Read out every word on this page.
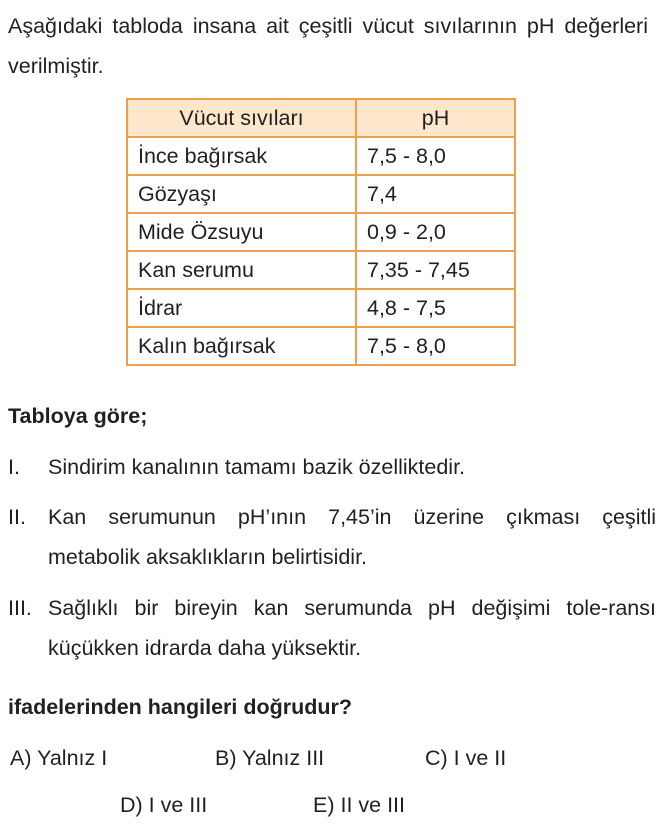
Aşağıdaki tabloda insana ait çeşitli vücut sıvılarının pH değerleri verilmiştir.
Vücut sıvıları	pH
İnce bağırsak	7,5 - 8,0
Gözyaşı	7,4
Mide Özsuyu	0,9 - 2,0
Kan serumu	7,35 - 7,45
İdrar	4,8 - 7,5
Kalın bağırsak	7,5 - 8,0
Tabloya göre;
I. Sindirim kanalının tamamı bazik özelliktedir.
II. Kan serumunun pH’ının 7,45’in üzerine çıkması çeşitli metabolik aksaklıkların belirtisidir.
III. Sağlıklı bir bireyin kan serumunda pH değişimi tole-ransı küçükken idrarda daha yüksektir.
ifadelerinden hangileri doğrudur?
A) Yalnız I	B) Yalnız III	C) I ve II
D) I ve III	E) II ve III
